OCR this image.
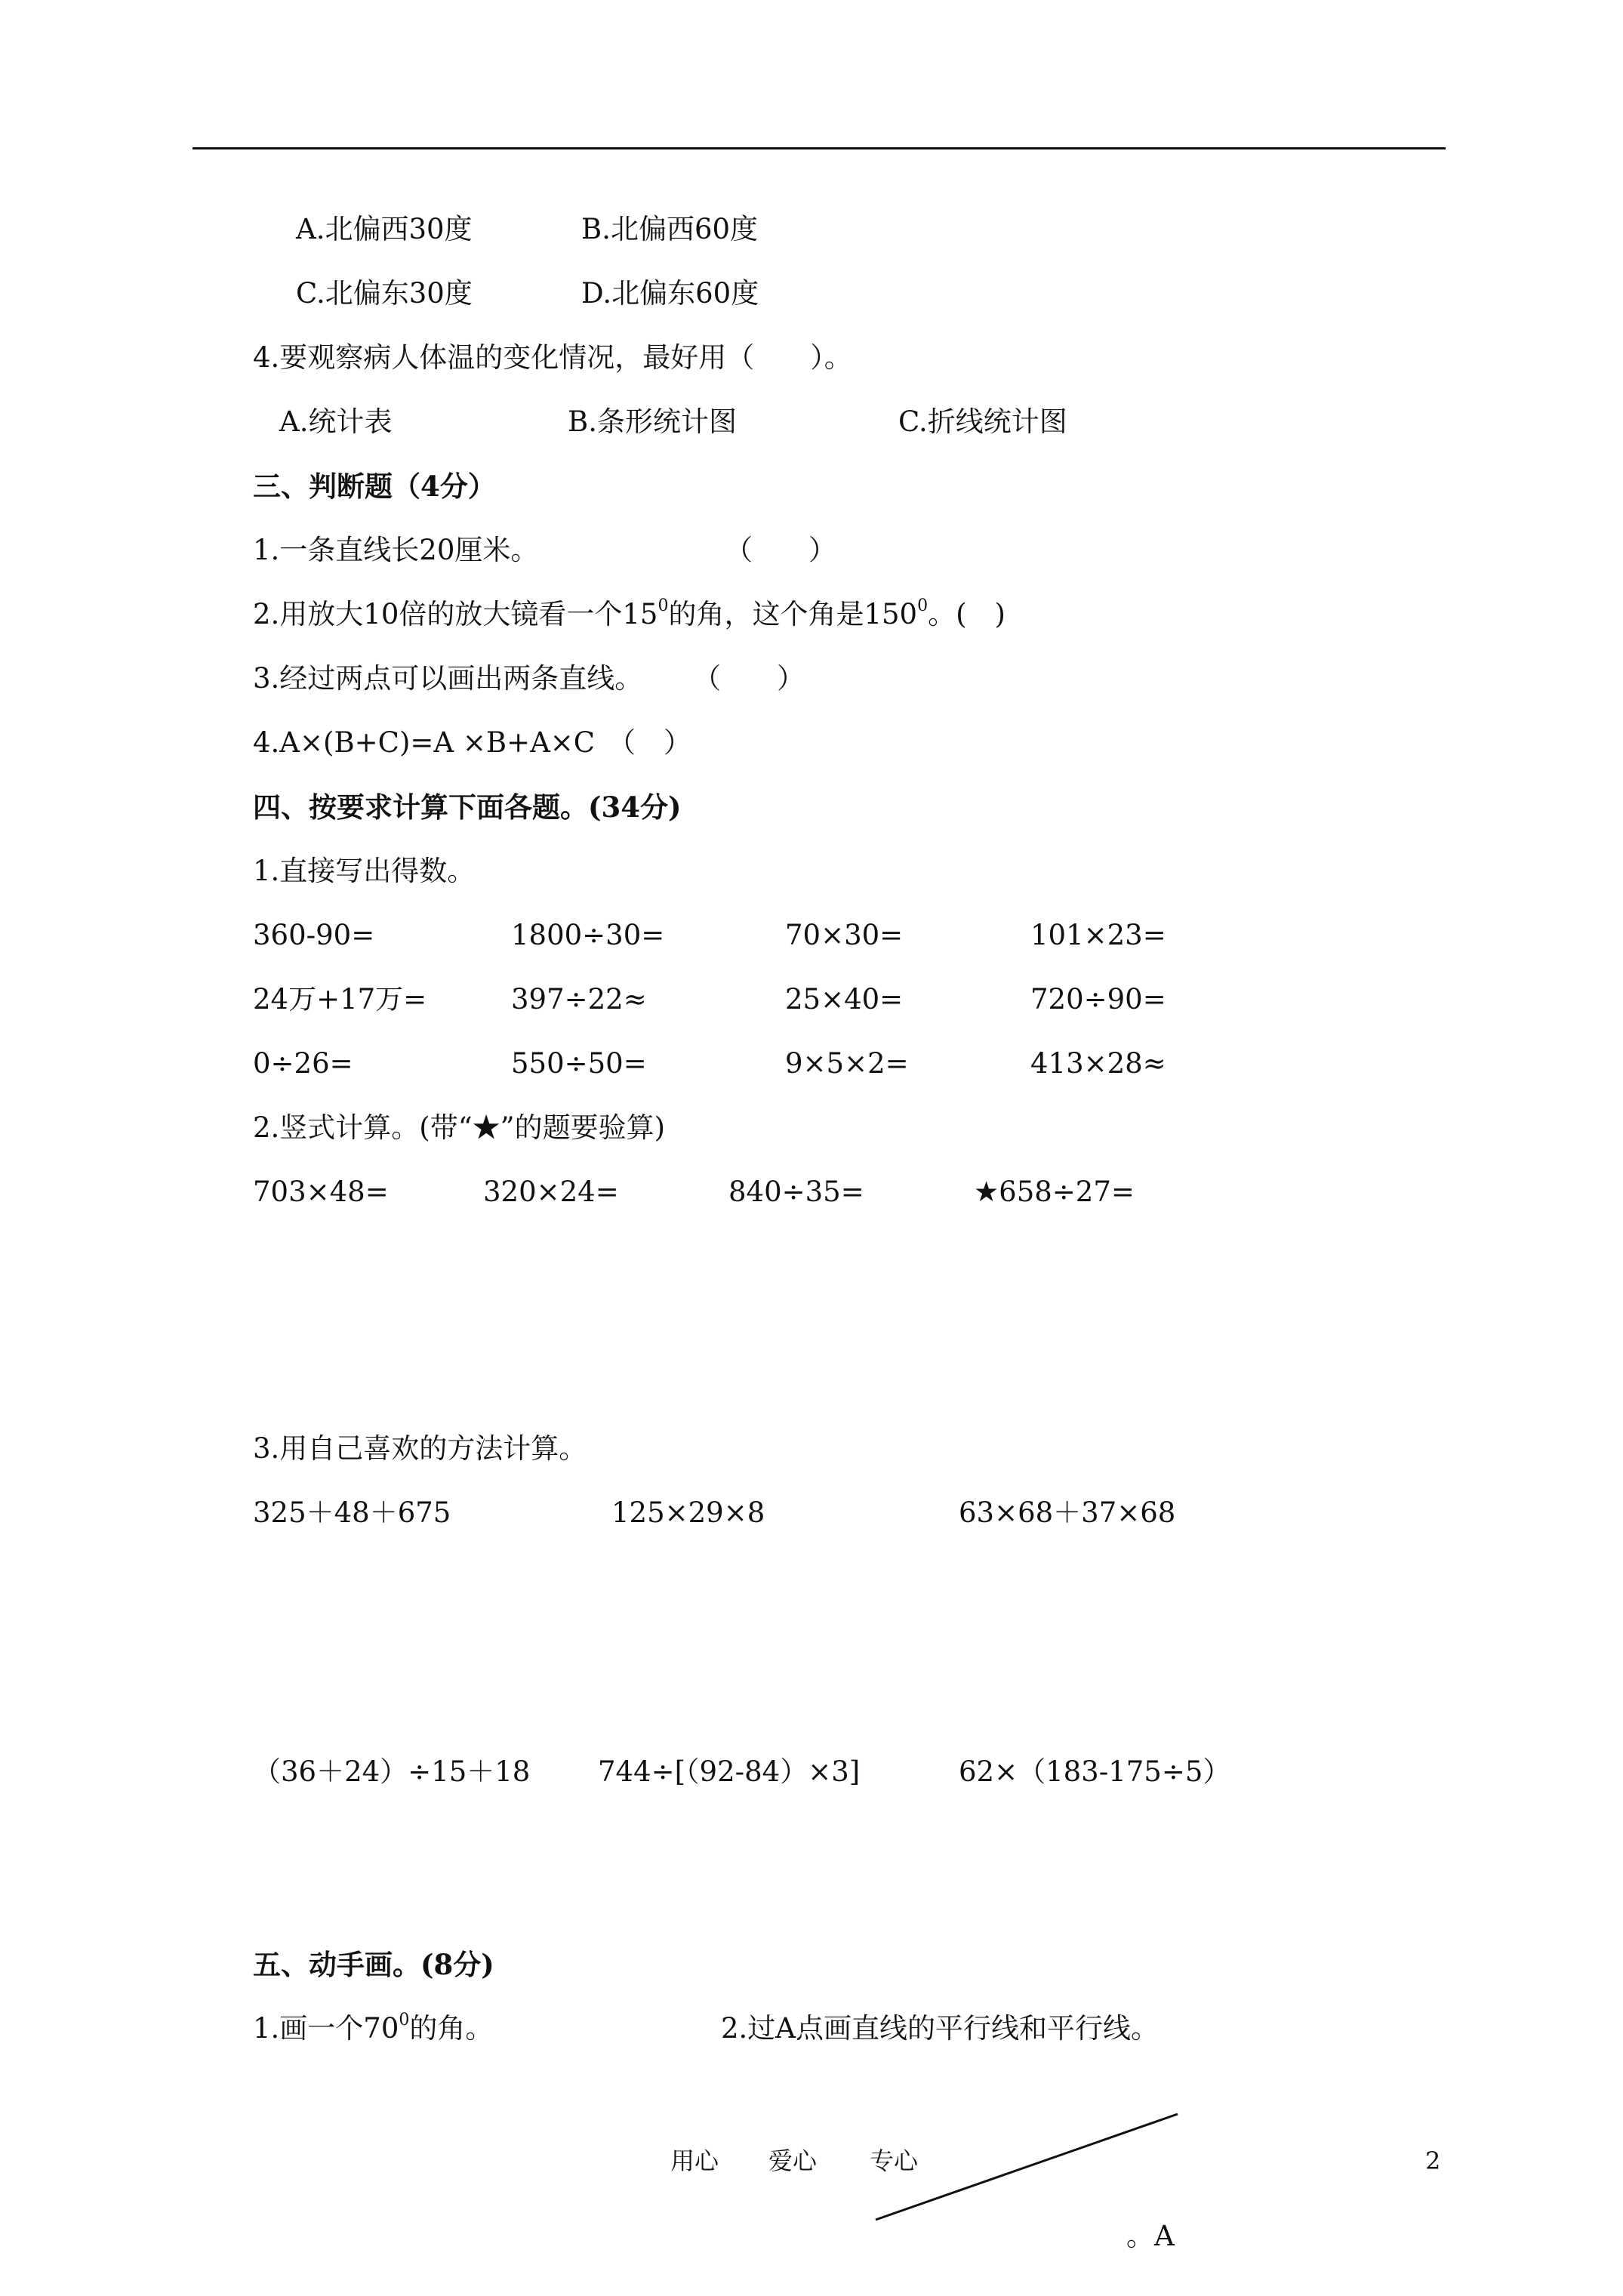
A.北偏西30度	B.北偏西60度
C.北偏东30度	D.北偏东60度
4.要观察病人体温的变化情况，最好用（　　）。
A.统计表	B.条形统计图	C.折线统计图
三、判断题（4分）
1.一条直线长20厘米。	（　　）
2.用放大10倍的放大镜看一个$15^0$的角，这个角是$150^0$。(　)
3.经过两点可以画出两条直线。 （　　）
4.A×(B+C)=A ×B+A×C （　）
四、按要求计算下面各题。(34分)
1.直接写出得数。
360-90=	1800÷30=	70×30=	101×23=
24万+17万=	397÷22≈	25×40=	720÷90=
0÷26=	550÷50=	9×5×2=	413×28≈
2.竖式计算。(带“★”的题要验算)
703×48=	320×24=	840÷35=	★658÷27=
3.用自己喜欢的方法计算。
325＋48＋675	125×29×8	63×68＋37×68
（36＋24）÷15＋18 744÷[（92-84）×3]	62×（183-175÷5）
五、动手画。(8分)
1.画一个$70^0$的角。	2.过A点画直线的平行线和平行线。
用心 爱心 专心	2
。A
